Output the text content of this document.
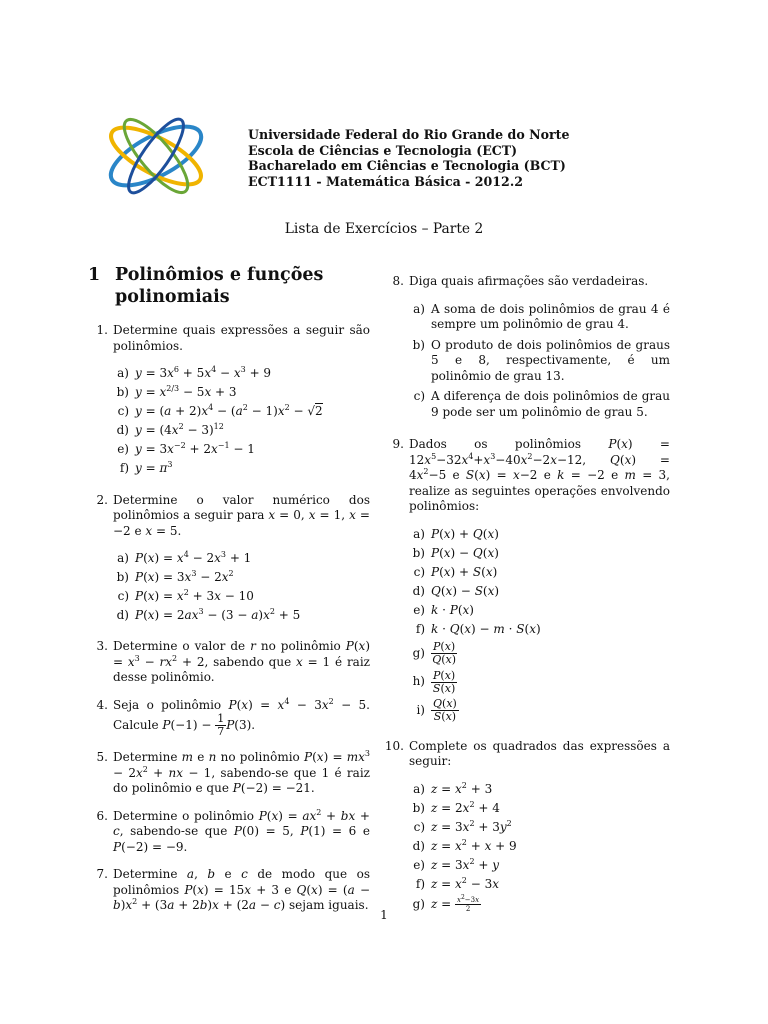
Universidade Federal do Rio Grande do Norte
Escola de Ciências e Tecnologia (ECT)
Bacharelado em Ciências e Tecnologia (BCT)
ECT1111 - Matemática Básica - 2012.2
Lista de Exercícios – Parte 2
1 Polinômios e funções polinomiais
1. Determine quais expressões a seguir são polinômios.
a) $y = 3x^6 + 5x^4 - x^3 + 9$
b) $y = x^{2/3} - 5x + 3$
c) $y = (a + 2)x^4 - (a^2 - 1)x^2 - √2$
d) $y = (4x^2 - 3)^{12}$
e) $y = 3x^{-2} + 2x^{-1} - 1$
f) $y = \pi^3$
2. Determine o valor numérico dos polinômios a seguir para x = 0, x = 1, x = −2 e x = 5.
a) $P(x) = x^4 - 2x^3 + 1$
b) $P(x) = 3x^3 - 2x^2$
c) $P(x) = x^2 + 3x - 10$
d) $P(x) = 2ax^3 - (3 - a)x^2 + 5$
3. Determine o valor de r no polinômio $P(x) = x^3 - rx^2 + 2$, sabendo que x = 1 é raiz desse polinômio.
4. Seja o polinômio $P(x) = x^4 - 3x^2 - 5$. Calcule $P(-1) - \frac{1}{7} P(3)$.
5. Determine m e n no polinômio $P(x) = mx^3 - 2x^2$ + nx − 1, sabendo-se que 1 é raiz do polinômio e que P(−2) = −21.
6. Determine o polinômio $P(x) = ax^2$ + bx + c, sabendo-se que P(0) = 5, P(1) = 6 e P(−2) = −9.
7. Determine a, b e c de modo que os polinômios P(x) = 15x + 3 e $Q(x) = (a - b)x^2 + (3a + 2b)x + (2a - c)$ sejam iguais.
8. Diga quais afirmações são verdadeiras.
a) A soma de dois polinômios de grau 4 é sempre um polinômio de grau 4.
b) O produto de dois polinômios de graus 5 e 8, respectivamente, é um polinômio de grau 13.
c) A diferença de dois polinômios de grau 9 pode ser um polinômio de grau 5.
9. Dados os polinômios $P(x) = 12x^5-32x^4+x^3-40x^2-2x-12$, $Q(x) = 4x^2-5$ e S(x) = x−2 e k = −2 e m = 3, realize as seguintes operações envolvendo polinômios:
a) P(x) + Q(x)
b) P(x) − Q(x)
c) P(x) + S(x)
d) Q(x) − S(x)
e) k · P(x)
f) k · Q(x) − m · S(x)
$g) \frac{P(x)}{Q(x)}$
$h) \frac{P(x)}{S(x)}$
$i) \frac{Q(x)}{S(x)}$
10. Complete os quadrados das expressões a seguir:
a) $z = x^2 + 3$
b) $z = 2x^2 + 4$
c) $z = 3x^2 + 3y^2$
d) $z = x^2 + x + 9$
e) $z = 3x^2 + y$
f) $z = x^2 - 3x$
g) $z = \frac{x^2-3x}{2}$
1
